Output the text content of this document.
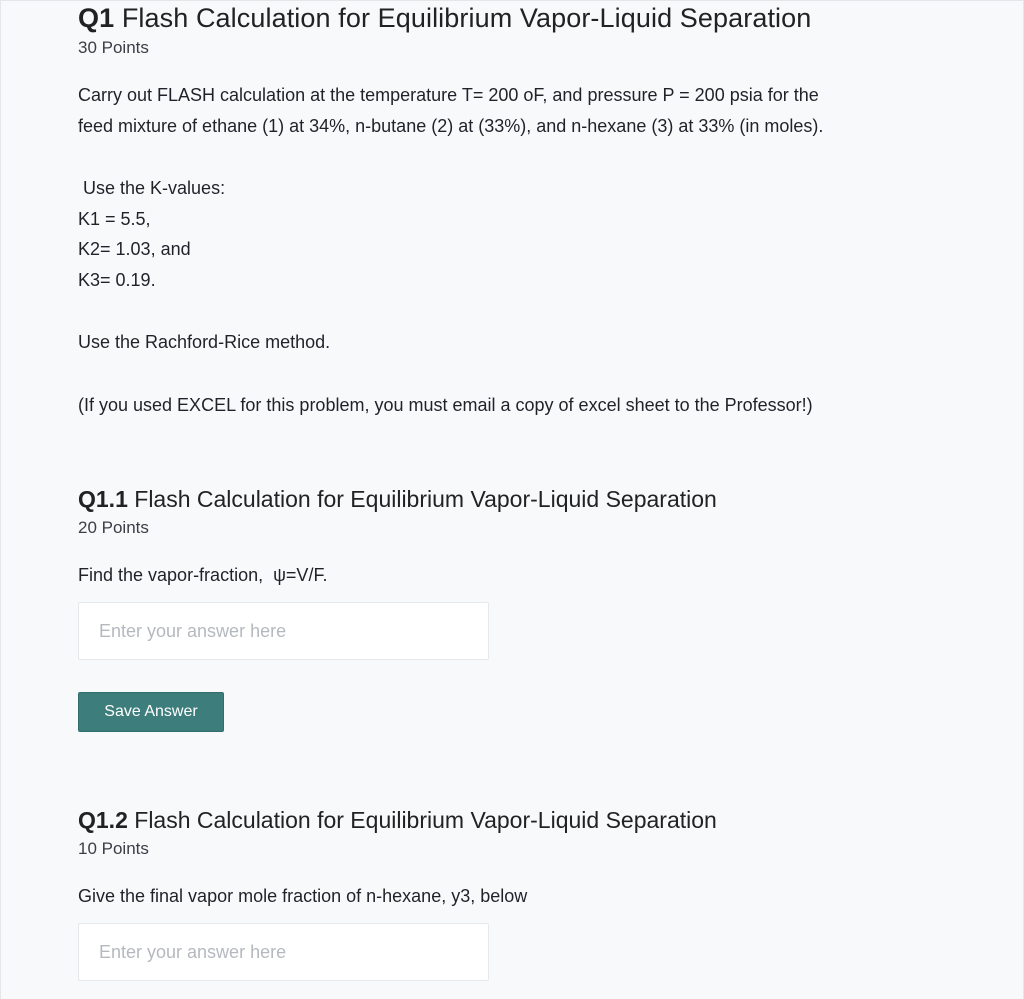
Q1 Flash Calculation for Equilibrium Vapor-Liquid Separation
30 Points
Carry out FLASH calculation at the temperature T= 200 oF, and pressure P = 200 psia for the
feed mixture of ethane (1) at 34%, n-butane (2) at (33%), and n-hexane (3) at 33% (in moles).
Use the K-values:
K1 = 5.5,
K2= 1.03, and
K3= 0.19.
Use the Rachford-Rice method.
(If you used EXCEL for this problem, you must email a copy of excel sheet to the Professor!)
Q1.1 Flash Calculation for Equilibrium Vapor-Liquid Separation
20 Points
Find the vapor-fraction,  ψ=V/F.
Enter your answer here
Save Answer
Q1.2 Flash Calculation for Equilibrium Vapor-Liquid Separation
10 Points
Give the final vapor mole fraction of n-hexane, y3, below
Enter your answer here
